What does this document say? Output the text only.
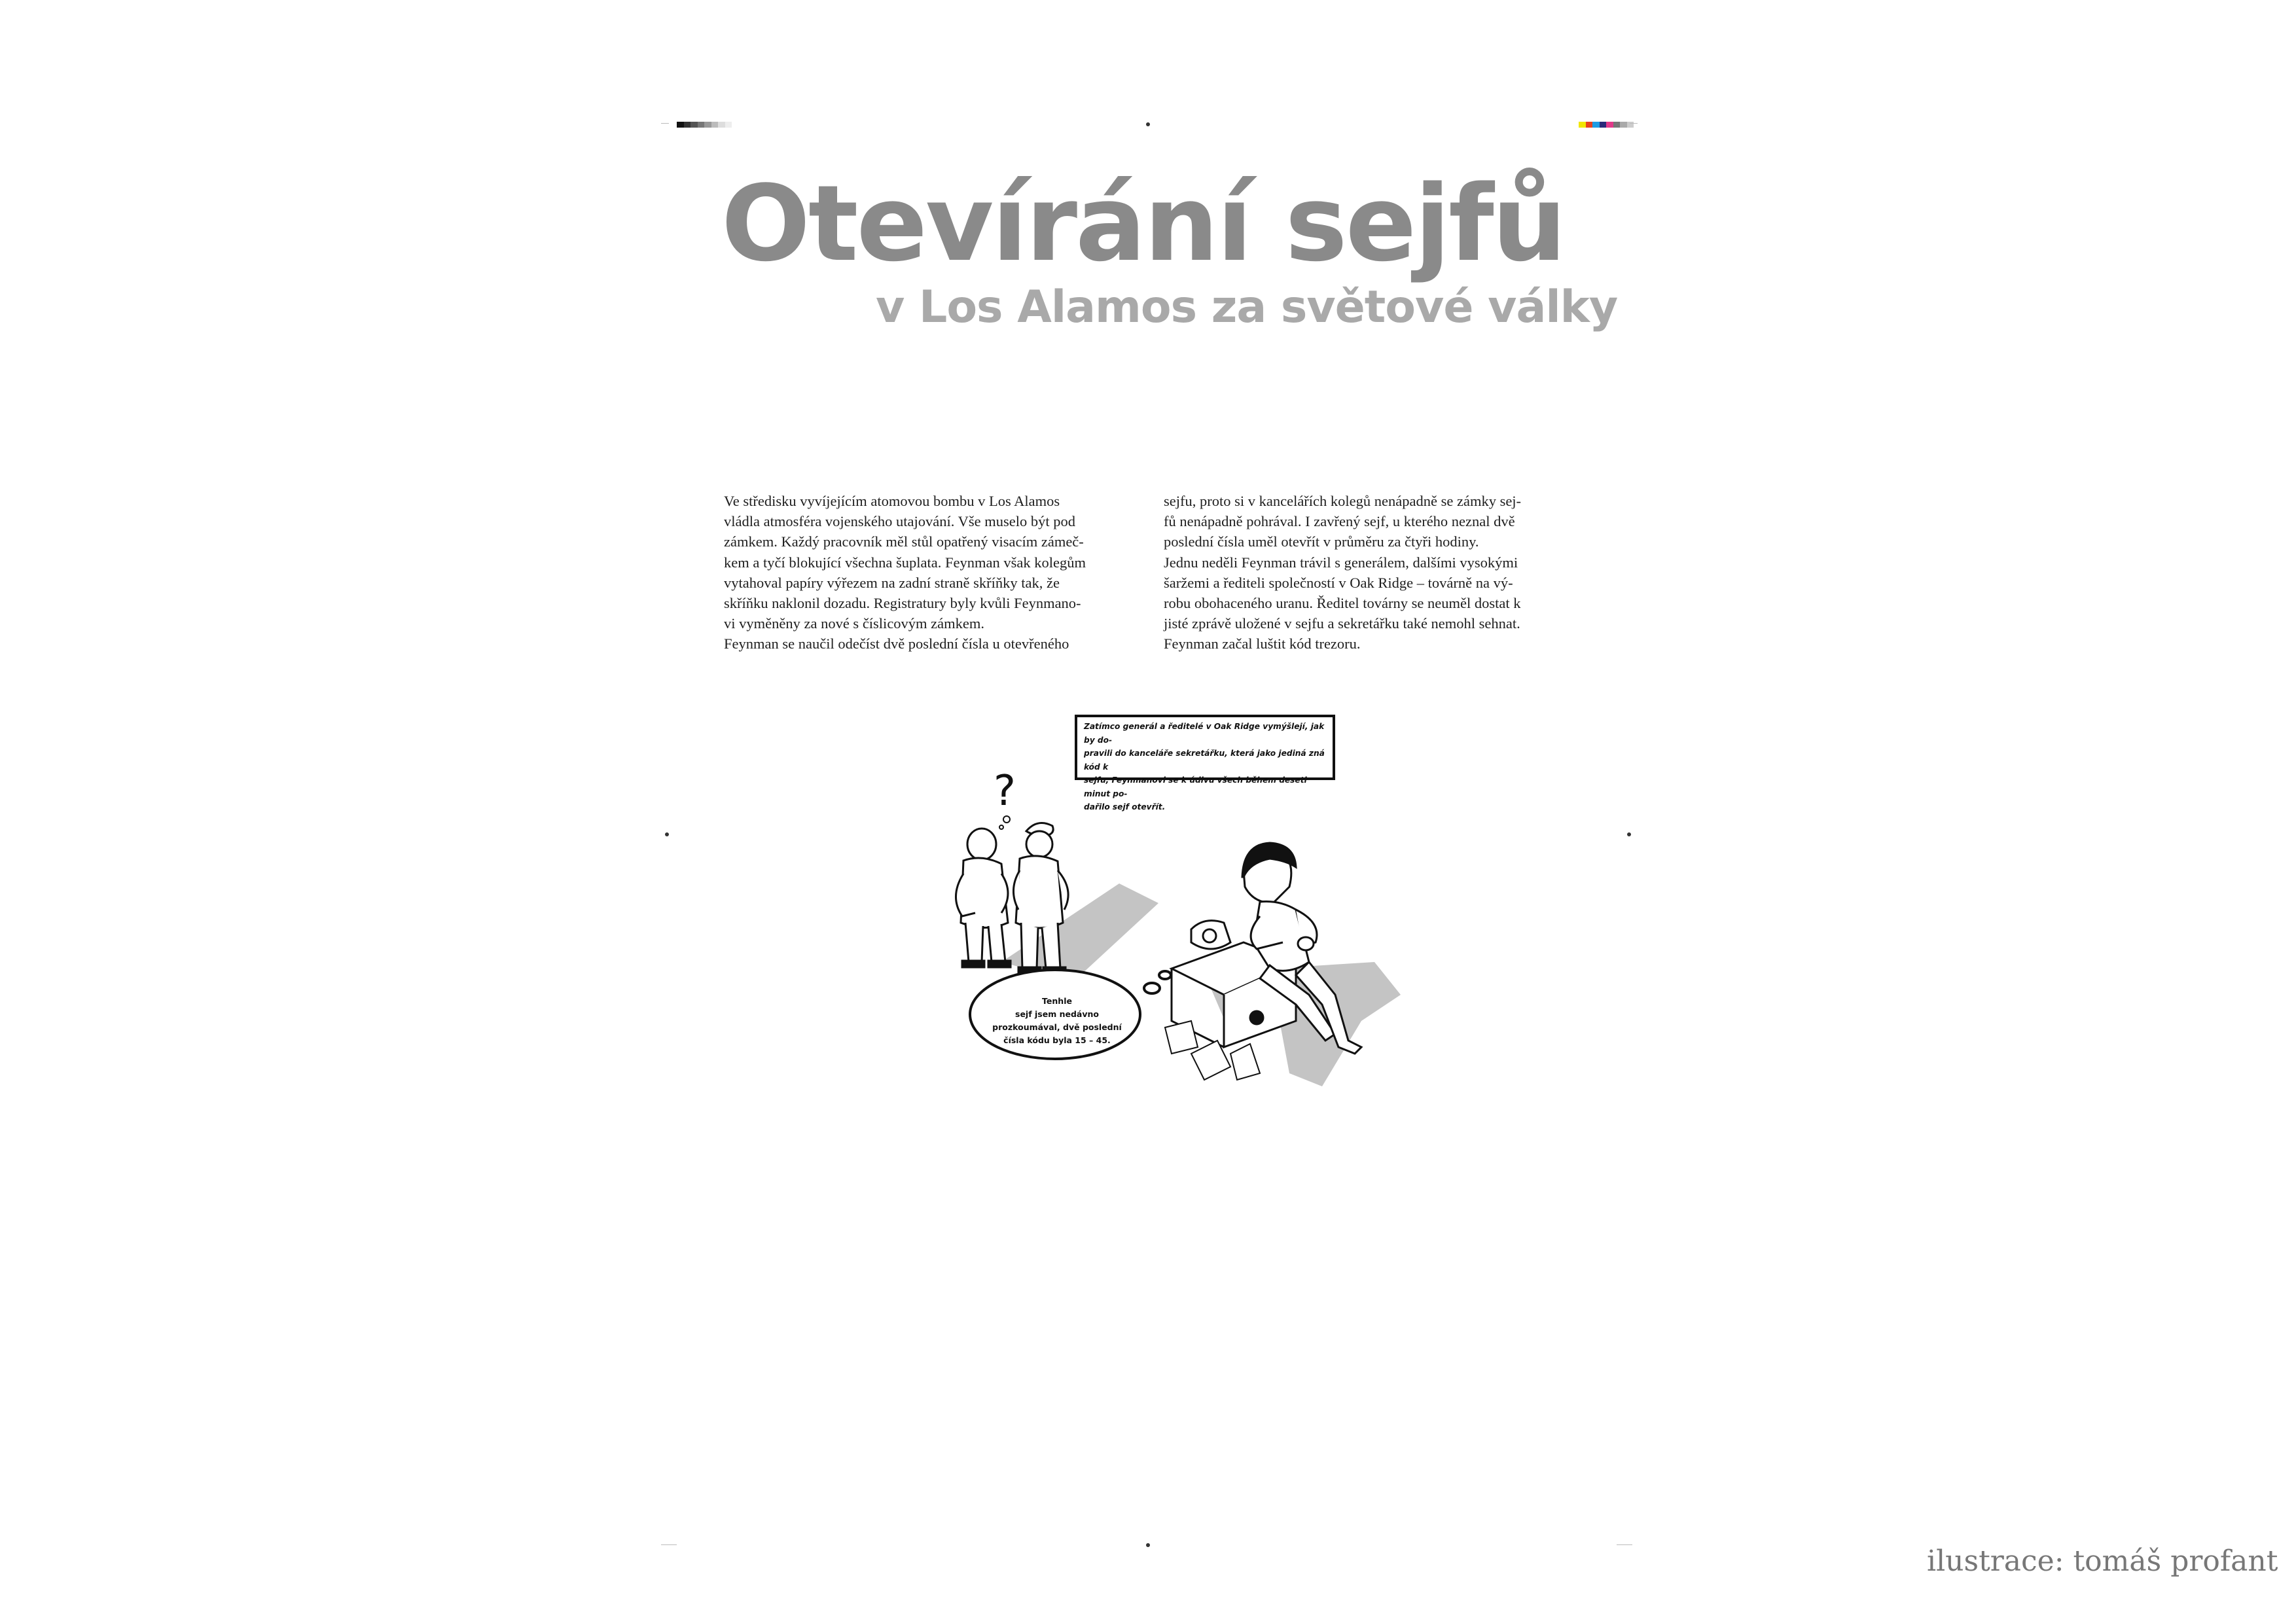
Otevírání sejfů
v Los Alamos za světové války

Ve středisku vyvíjejícím atomovou bombu v Los Alamos

vládla atmosféra vojenského utajování. Vše muselo být pod

zámkem. Každý pracovník měl stůl opatřený visacím zámeč-

kem a tyčí blokující všechna šuplata. Feynman však kolegům

vytahoval papíry výřezem na zadní straně skříňky tak, že

skříňku naklonil dozadu. Registratury byly kvůli Feynmano-

vi vyměněny za nové s číslicovým zámkem.

Feynman se naučil odečíst dvě poslední čísla u otevřeného

sejfu, proto si v kancelářích kolegů nenápadně se zámky sej-

fů nenápadně pohrával. I zavřený sejf, u kterého neznal dvě

poslední čísla uměl otevřít v průměru za čtyři hodiny.

Jednu neděli Feynman trávil s generálem, dalšími vysokými

šaržemi a řediteli společností v Oak Ridge – továrně na vý-

robu obohaceného uranu. Ředitel továrny se neuměl dostat k

jisté zprávě uložené v sejfu a sekretářku také nemohl sehnat.

Feynman začal luštit kód trezoru.

?
Zatímco generál a ředitelé v Oak Ridge vymýšlejí, jak by do-
pravili do kanceláře sekretářku, která jako jediná zná kód k
sejfu, Feynmanovi se k údivu všech během deseti minut po-
dařilo sejf otevřít.
Tenhle
sejf jsem nedávno
prozkoumával, dvě poslední
čísla kódu byla 15 – 45.
ilustrace: tomáš profant
